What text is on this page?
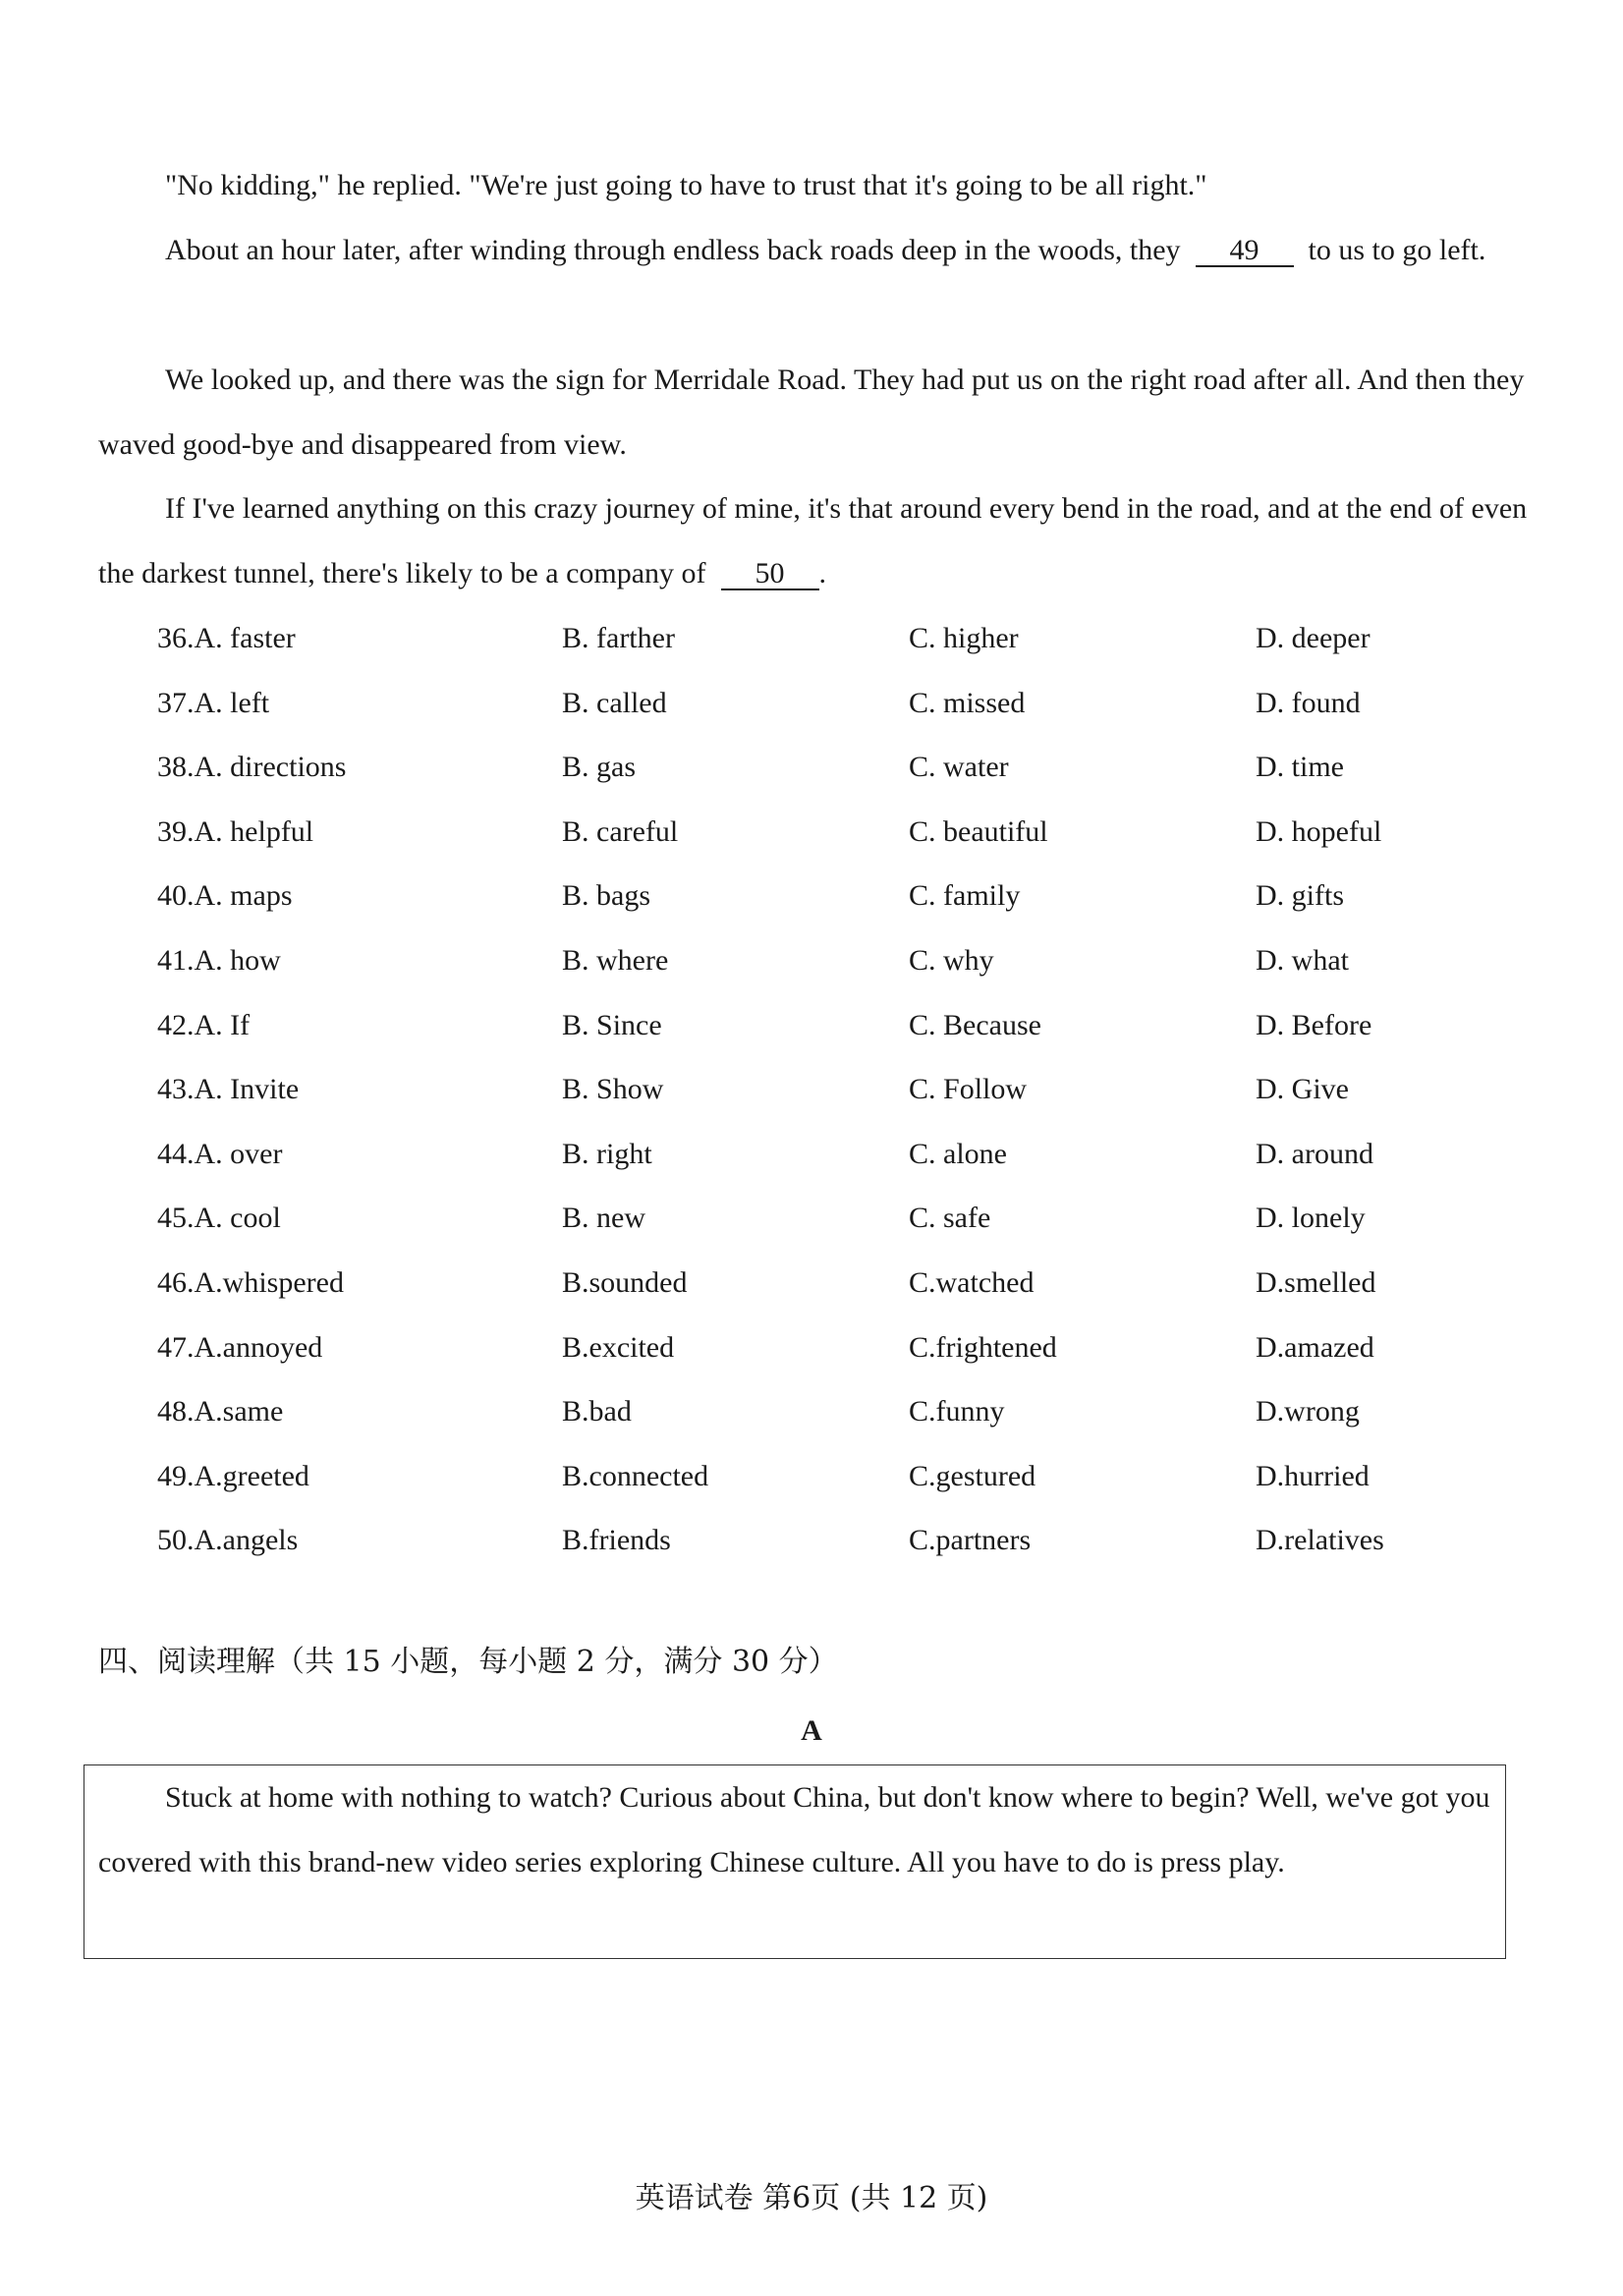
"No kidding," he replied. "We're just going to have to trust that it's going to be all right."

About an hour later, after winding through endless back roads deep in the woods, they 49 to us to go left.

We looked up, and there was the sign for Merridale Road. They had put us on the right road after all. And then they waved good-bye and disappeared from view.

If I've learned anything on this crazy journey of mine, it's that around every bend in the road, and at the end of even the darkest tunnel, there's likely to be a company of 50 .

36.A. faster	B. farther	C. higher	D. deeper
37.A. left	B. called	C. missed	D. found
38.A. directions	B. gas	C. water	D. time
39.A. helpful	B. careful	C. beautiful	D. hopeful
40.A. maps	B. bags	C. family	D. gifts
41.A. how	B. where	C. why	D. what
42.A. If	B. Since	C. Because	D. Before
43.A. Invite	B. Show	C. Follow	D. Give
44.A. over	B. right	C. alone	D. around
45.A. cool	B. new	C. safe	D. lonely
46.A.whispered	B.sounded	C.watched	D.smelled
47.A.annoyed	B.excited	C.frightened	D.amazed
48.A.same	B.bad	C.funny	D.wrong
49.A.greeted	B.connected	C.gestured	D.hurried
50.A.angels	B.friends	C.partners	D.relatives
四、阅读理解（共 15 小题，每小题 2 分，满分 30 分）
A

Stuck at home with nothing to watch? Curious about China, but don't know where to begin? Well, we've got you covered with this brand-new video series exploring Chinese culture. All you have to do is press play.

英语试卷 第6页 (共 12 页)
